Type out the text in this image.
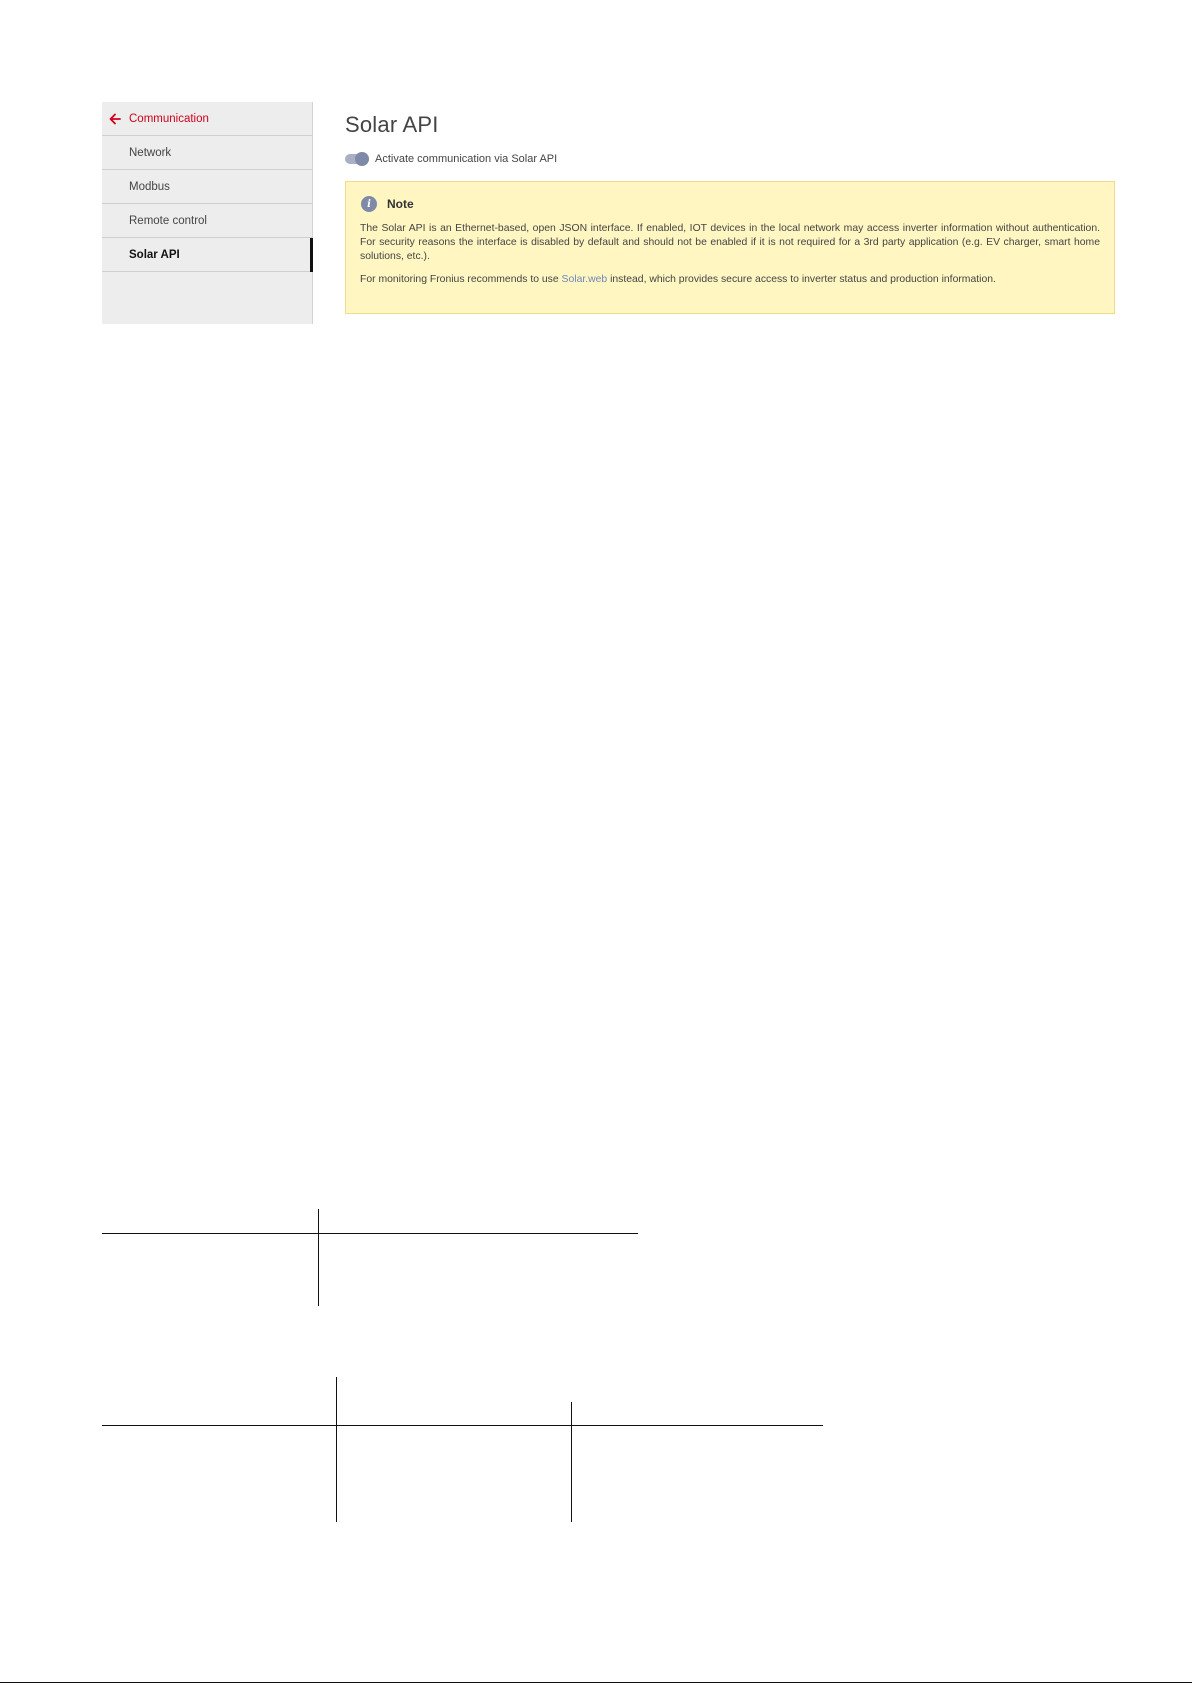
Communication
Network
Modbus
Remote control
Solar API
Solar API
Activate communication via Solar API
i	Note

The Solar API is an Ethernet-based, open JSON interface. If enabled, IOT devices in the local network may access inverter information without authentication. For security reasons the interface is disabled by default and should not be enabled if it is not required for a 3rd party application (e.g. EV charger, smart home solutions, etc.).

For monitoring Fronius recommends to use Solar.web instead, which provides secure access to inverter status and production information.
